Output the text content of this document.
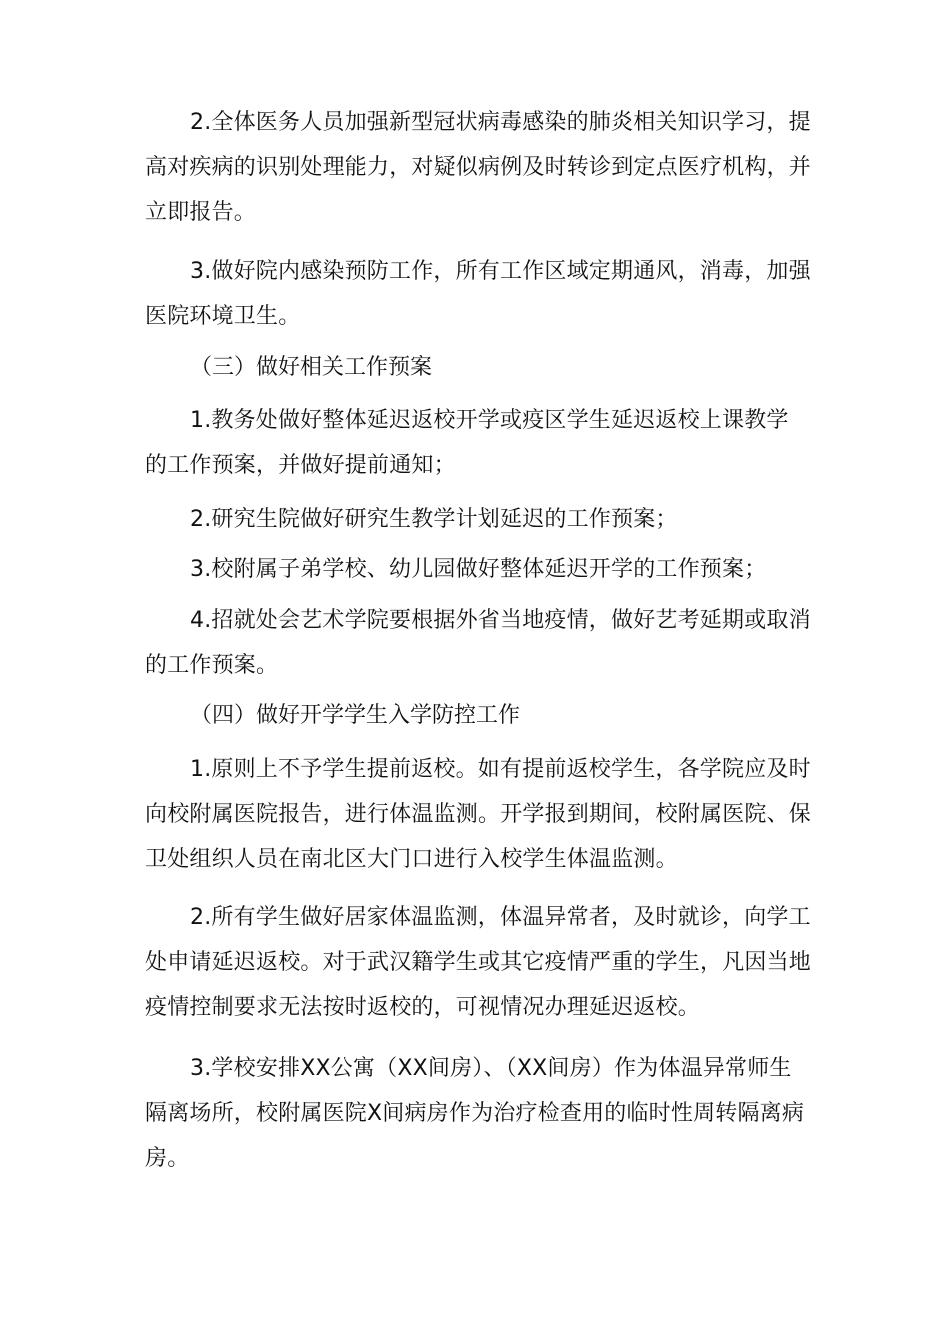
2.全体医务人员加强新型冠状病毒感染的肺炎相关知识学习，提
高对疾病的识别处理能力，对疑似病例及时转诊到定点医疗机构，并
立即报告。

3.做好院内感染预防工作，所有工作区域定期通风，消毒，加强
医院环境卫生。

（三）做好相关工作预案

1.教务处做好整体延迟返校开学或疫区学生延迟返校上课教学
的工作预案，并做好提前通知；

2.研究生院做好研究生教学计划延迟的工作预案；

3.校附属子弟学校、幼儿园做好整体延迟开学的工作预案；

4.招就处会艺术学院要根据外省当地疫情，做好艺考延期或取消
的工作预案。

（四）做好开学学生入学防控工作

1.原则上不予学生提前返校。如有提前返校学生，各学院应及时
向校附属医院报告，进行体温监测。开学报到期间，校附属医院、保
卫处组织人员在南北区大门口进行入校学生体温监测。

2.所有学生做好居家体温监测，体温异常者，及时就诊，向学工
处申请延迟返校。对于武汉籍学生或其它疫情严重的学生，凡因当地
疫情控制要求无法按时返校的，可视情况办理延迟返校。

3.学校安排XX公寓（XX间房）、（XX间房）作为体温异常师生
隔离场所，校附属医院X间病房作为治疗检查用的临时性周转隔离病
房。
